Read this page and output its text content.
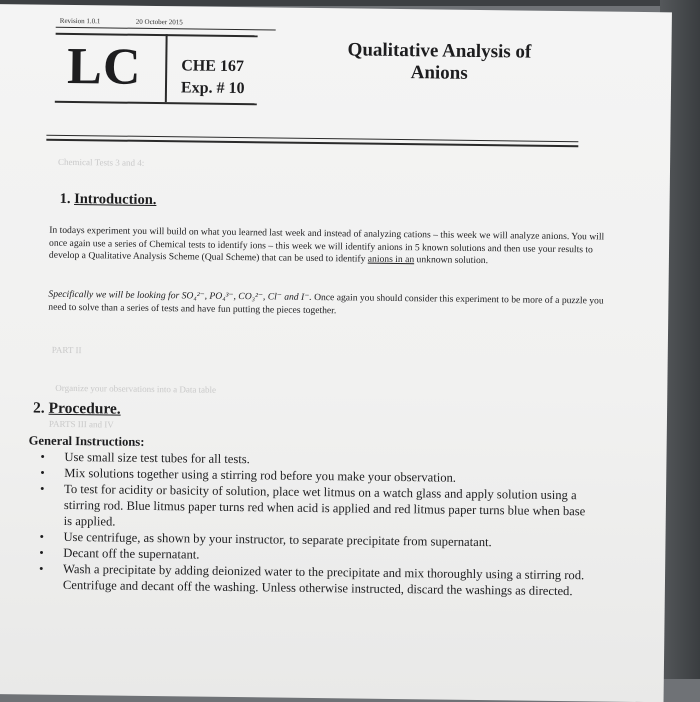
Revision 1.0.1	20 October 2015
LC CHE 167
Exp. # 10
Qualitative Analysis of
Anions
Chemical Tests 3 and 4:
1. Introduction.
In todays experiment you will build on what you learned last week and instead of analyzing cations – this week we will analyze anions. You will once again use a series of Chemical tests to identify ions – this week we will identify anions in 5 known solutions and then use your results to develop a Qualitative Analysis Scheme (Qual Scheme) that can be used to identify anions in an unknown solution.
Specifically we will be looking for SO₄²⁻, PO₄³⁻, CO₃²⁻, Cl⁻ and I⁻. Once again you should consider this experiment to be more of a puzzle you need to solve than a series of tests and have fun putting the pieces together.
PART II
Organize your observations into a Data table
2. Procedure.
PARTS III and IV
General Instructions:
• Use small size test tubes for all tests.
• Mix solutions together using a stirring rod before you make your observation.
• To test for acidity or basicity of solution, place wet litmus on a watch glass and apply solution using a stirring rod. Blue litmus paper turns red when acid is applied and red litmus paper turns blue when base is applied.
• Use centrifuge, as shown by your instructor, to separate precipitate from supernatant.
• Decant off the supernatant.
• Wash a precipitate by adding deionized water to the precipitate and mix thoroughly using a stirring rod. Centrifuge and decant off the washing. Unless otherwise instructed, discard the washings as directed.
